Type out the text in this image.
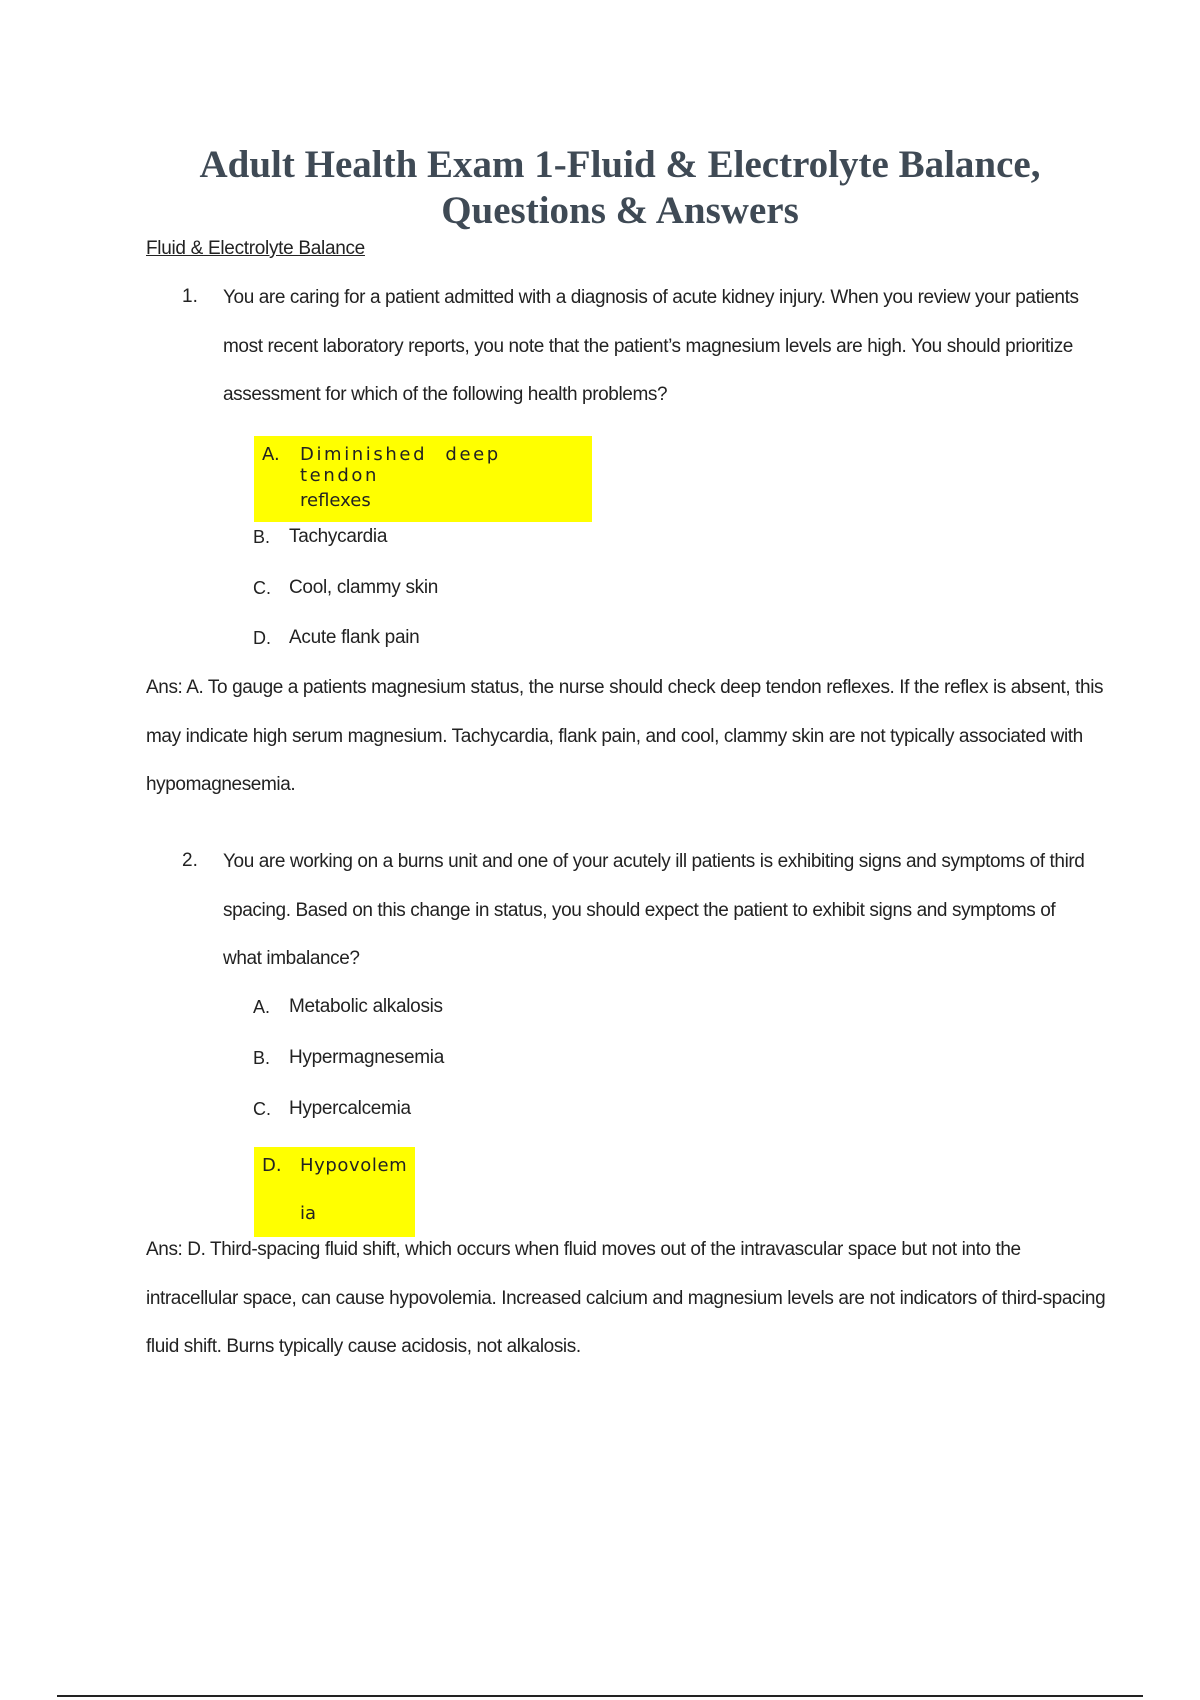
Adult Health Exam 1-Fluid & Electrolyte Balance,
Questions & Answers
Fluid & Electrolyte Balance
1. You are caring for a patient admitted with a diagnosis of acute kidney injury. When you review your patients most recent laboratory reports, you note that the patient’s magnesium levels are high. You should prioritize assessment for which of the following health problems?
A. Diminished deep tendon
reflexes
B. Tachycardia
C. Cool, clammy skin
D. Acute flank pain
Ans: A. To gauge a patients magnesium status, the nurse should check deep tendon reflexes. If the reflex is absent, this may indicate high serum magnesium. Tachycardia, flank pain, and cool, clammy skin are not typically associated with hypomagnesemia.
2. You are working on a burns unit and one of your acutely ill patients is exhibiting signs and symptoms of third spacing. Based on this change in status, you should expect the patient to exhibit signs and symptoms of what imbalance?
A. Metabolic alkalosis
B. Hypermagnesemia
C. Hypercalcemia
D. Hypovolem
ia
Ans: D. Third-spacing fluid shift, which occurs when fluid moves out of the intravascular space but not into the intracellular space, can cause hypovolemia. Increased calcium and magnesium levels are not indicators of third-spacing fluid shift. Burns typically cause acidosis, not alkalosis.
